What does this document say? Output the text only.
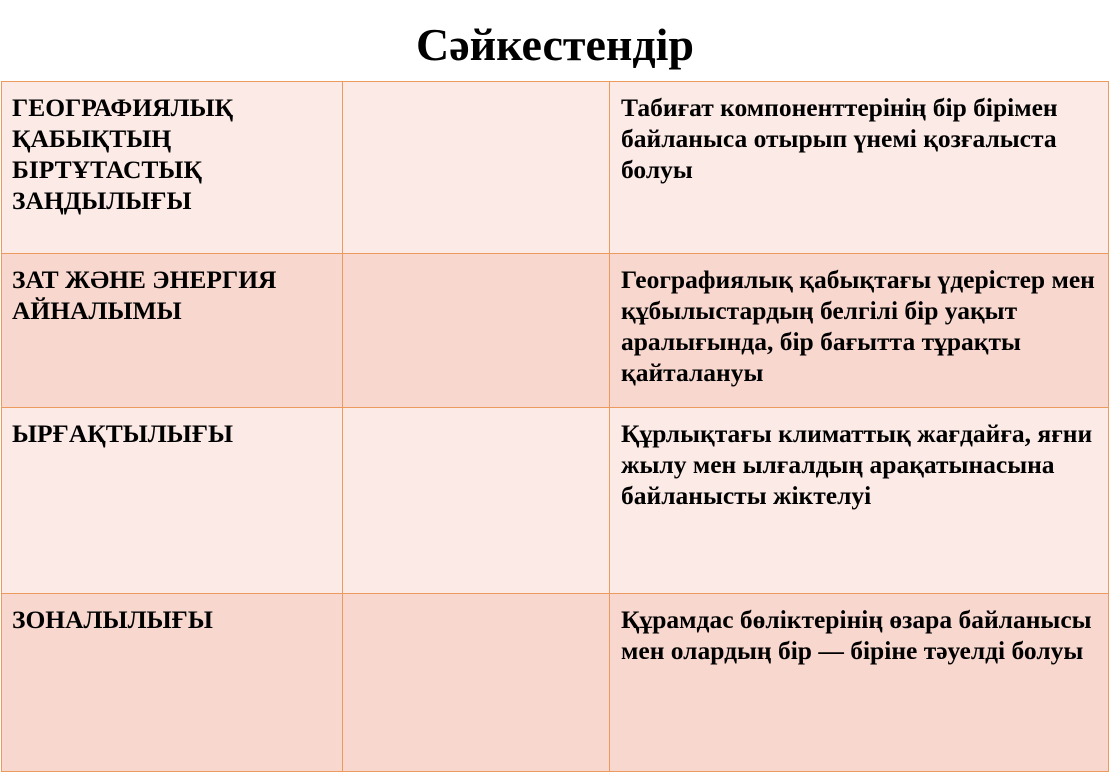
Сәйкестендір
ГЕОГРАФИЯЛЫҚ ҚАБЫҚТЫҢ БІРТҰТАСТЫҚ ЗАҢДЫЛЫҒЫ		Табиғат компоненттерінің бір бірімен байланыса отырып үнемі қозғалыста болуы
ЗАТ ЖӘНЕ ЭНЕРГИЯ АЙНАЛЫМЫ		Географиялық қабықтағы үдерістер мен құбылыстардың белгілі бір уақыт аралығында, бір бағытта тұрақты қайталануы
ЫРҒАҚТЫЛЫҒЫ		Құрлықтағы климаттық жағдайға, яғни жылу мен ылғалдың арақатынасына байланысты жіктелуі
ЗОНАЛЫЛЫҒЫ		Құрамдас бөліктерінің өзара байланысы мен олардың бір — біріне тәуелді болуы
